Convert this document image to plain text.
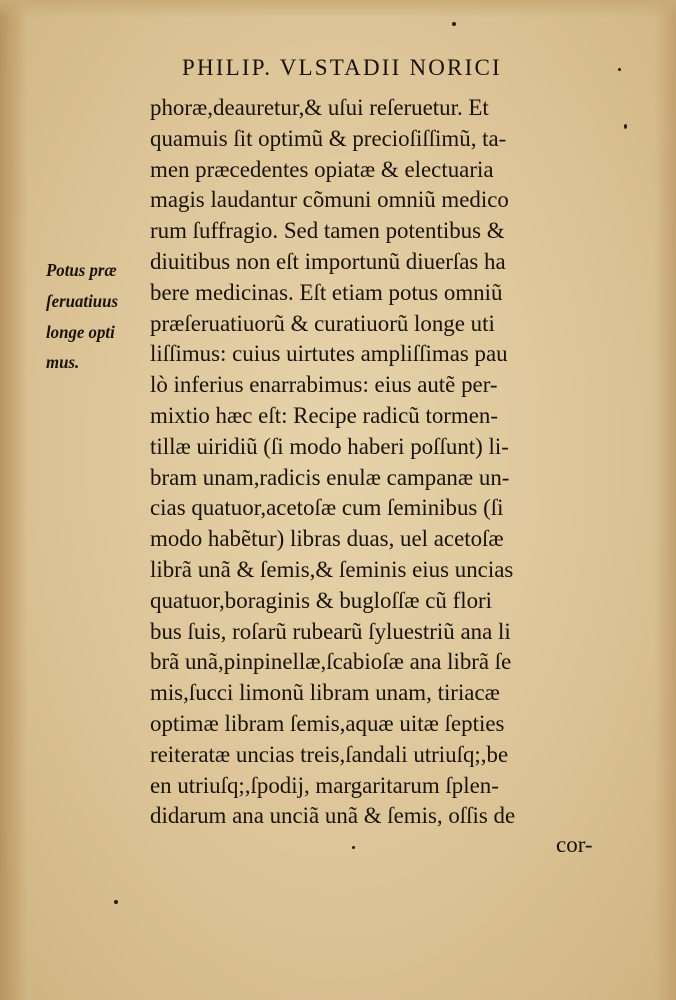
PHILIP. VLSTADII NORICI
Potus præ
ſeruatiuus
longe opti
mus.
phoræ,deauretur,& uſui reſeruetur. Et
quamuis ſit optimũ & precioſiſſimũ, ta-
men præcedentes opiatæ & electuaria
magis laudantur cõmuni omniũ medico
rum ſuffragio. Sed tamen potentibus &
diuitibus non eſt importunũ diuerſas ha
bere medicinas. Eſt etiam potus omniũ
præſeruatiuorũ & curatiuorũ longe uti
liſſimus: cuius uirtutes ampliſſimas pau
lò inferius enarrabimus: eius autẽ per-
mixtio hæc eſt: Recipe radicũ tormen-
tillæ uiridiũ (ſi modo haberi poſſunt) li-
bram unam,radicis enulæ campanæ un-
cias quatuor,acetoſæ cum ſeminibus (ſi
modo habẽtur) libras duas, uel acetoſæ
librã unã & ſemis,& ſeminis eius uncias
quatuor,boraginis & bugloſſæ cũ flori
bus ſuis, roſarũ rubearũ ſyluestriũ ana li
brã unã,pinpinellæ,ſcabioſæ ana librã ſe
mis,ſucci limonũ libram unam, tiriacæ
optimæ libram ſemis,aquæ uitæ ſepties
reiteratæ uncias treis,ſandali utriuſq;,be
en utriuſq;,ſpodij, margaritarum ſplen-
didarum ana unciã unã & ſemis, oſſis de
cor-
